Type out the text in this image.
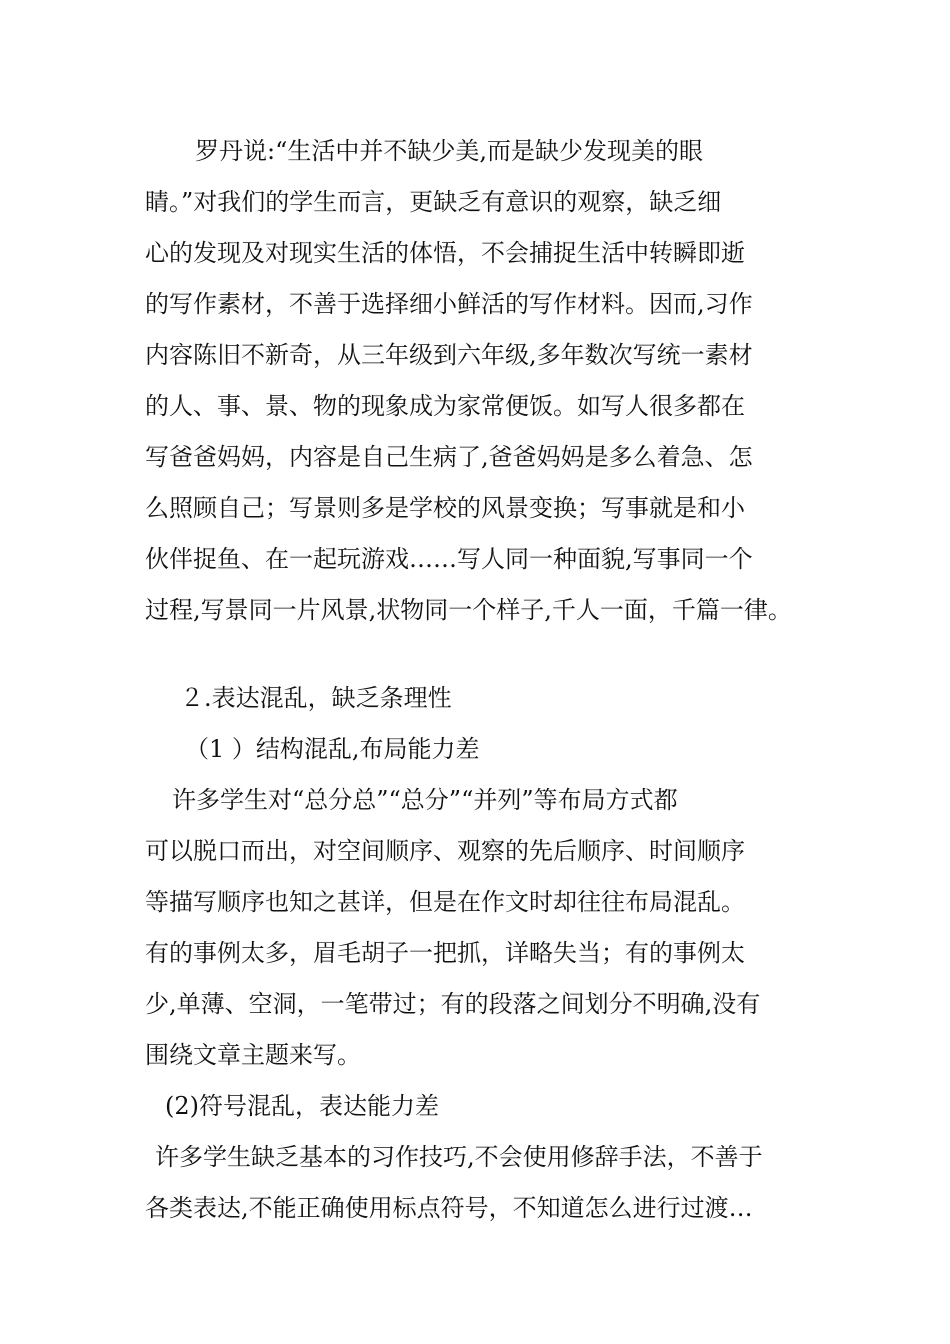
罗丹说:“生活中并不缺少美,而是缺少发现美的眼

睛。”对我们的学生而言，更缺乏有意识的观察，缺乏细

心的发现及对现实生活的体悟，不会捕捉生活中转瞬即逝

的写作素材，不善于选择细小鲜活的写作材料。因而,习作

内容陈旧不新奇，从三年级到六年级,多年数次写统一素材

的人、事、景、物的现象成为家常便饭。如写人很多都在

写爸爸妈妈，内容是自己生病了,爸爸妈妈是多么着急、怎

么照顾自己；写景则多是学校的风景变换；写事就是和小

伙伴捉鱼、在一起玩游戏……写人同一种面貌,写事同一个

过程,写景同一片风景,状物同一个样子,千人一面，千篇一律。

２.表达混乱，缺乏条理性

（1 ）结构混乱,布局能力差

许多学生对“总分总”“总分”“并列”等布局方式都

可以脱口而出，对空间顺序、观察的先后顺序、时间顺序

等描写顺序也知之甚详，但是在作文时却往往布局混乱。

有的事例太多，眉毛胡子一把抓，详略失当；有的事例太

少,单薄、空洞，一笔带过；有的段落之间划分不明确,没有

围绕文章主题来写。

(2)符号混乱，表达能力差

许多学生缺乏基本的习作技巧,不会使用修辞手法，不善于

各类表达,不能正确使用标点符号，不知道怎么进行过渡…
